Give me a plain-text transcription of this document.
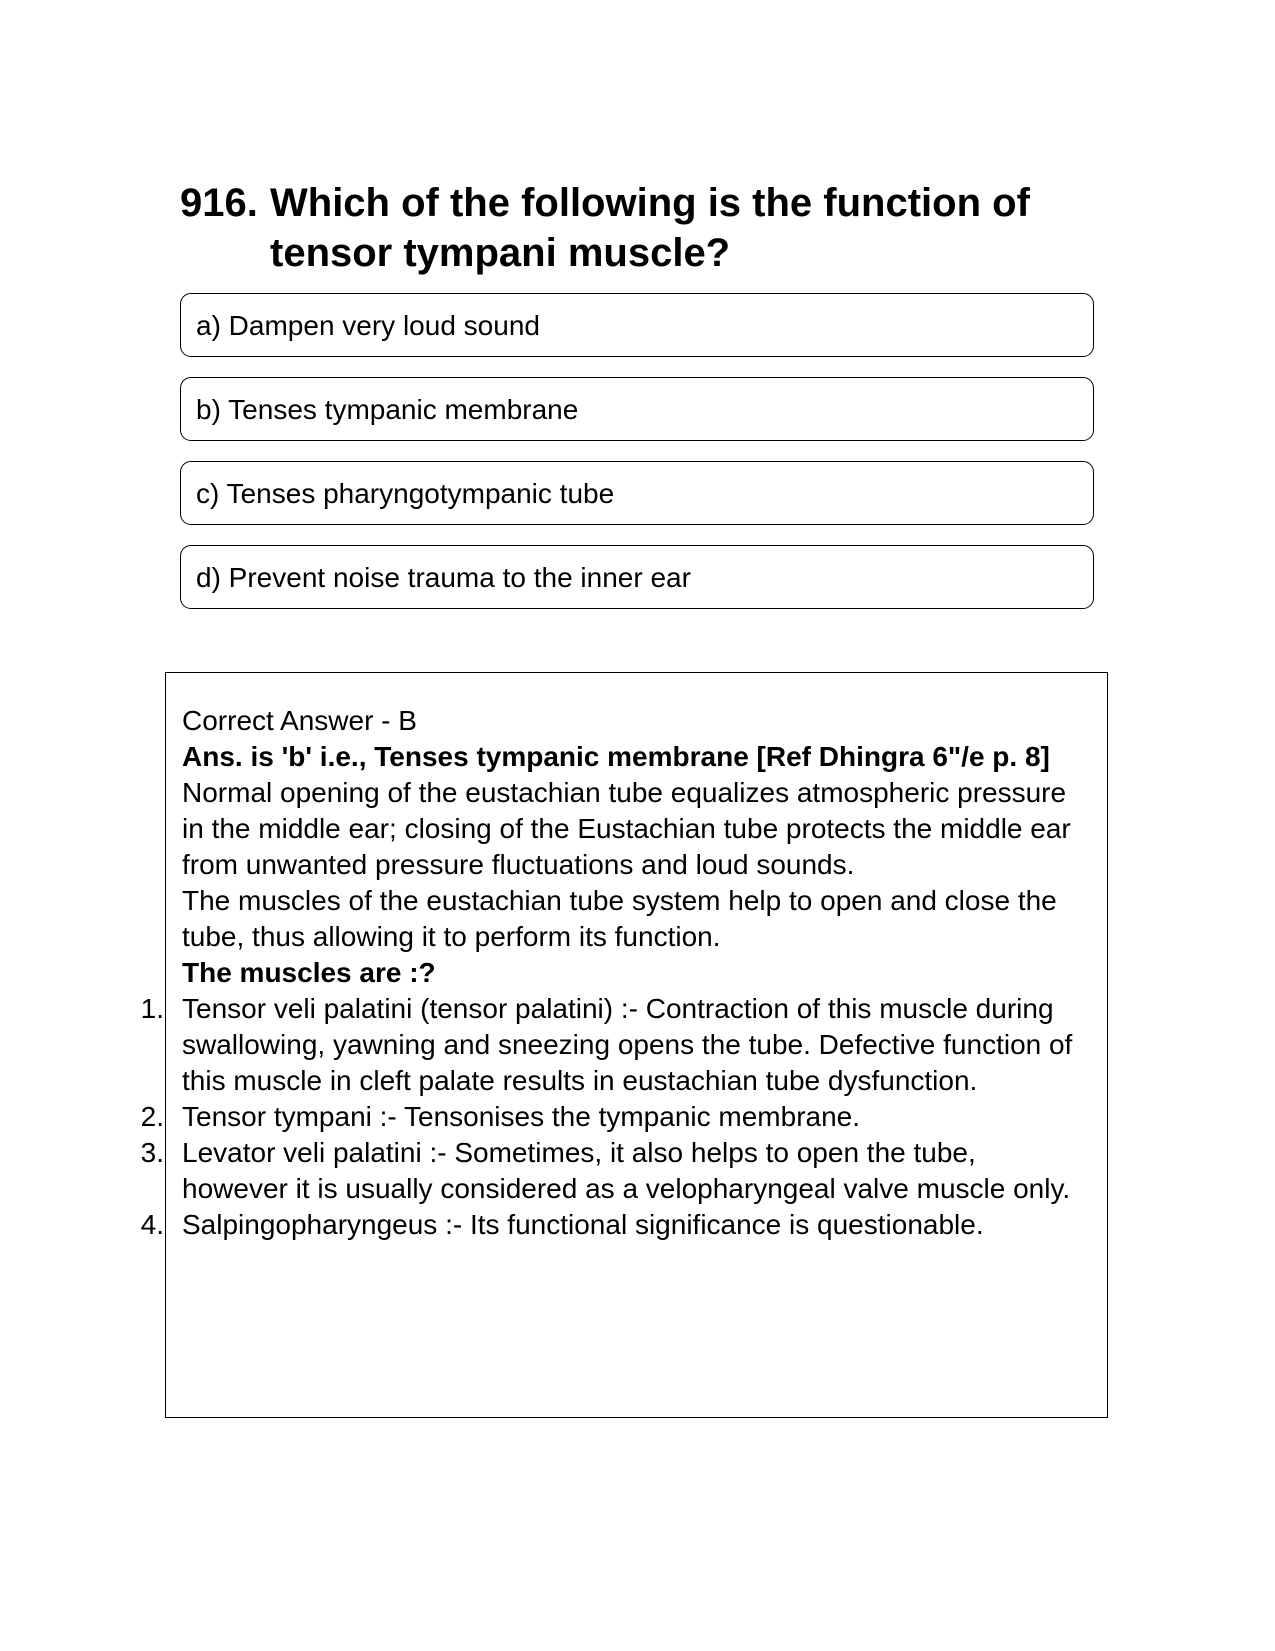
916. Which of the following is the function of tensor tympani muscle?
a) Dampen very loud sound
b) Tenses tympanic membrane
c) Tenses pharyngotympanic tube
d) Prevent noise trauma to the inner ear

Correct Answer - B

Ans. is 'b' i.e., Tenses tympanic membrane [Ref Dhingra 6"/e p. 8]

Normal opening of the eustachian tube equalizes atmospheric pressure in the middle ear; closing of the Eustachian tube protects the middle ear from unwanted pressure fluctuations and loud sounds.

The muscles of the eustachian tube system help to open and close the tube, thus allowing it to perform its function.

The muscles are :?

1. Tensor veli palatini (tensor palatini) :- Contraction of this muscle during swallowing, yawning and sneezing opens the tube. Defective function of this muscle in cleft palate results in eustachian tube dysfunction.

2. Tensor tympani :- Tensonises the tympanic membrane.

3. Levator veli palatini :- Sometimes, it also helps to open the tube, however it is usually considered as a velopharyngeal valve muscle only.

4. Salpingopharyngeus :- Its functional significance is questionable.
